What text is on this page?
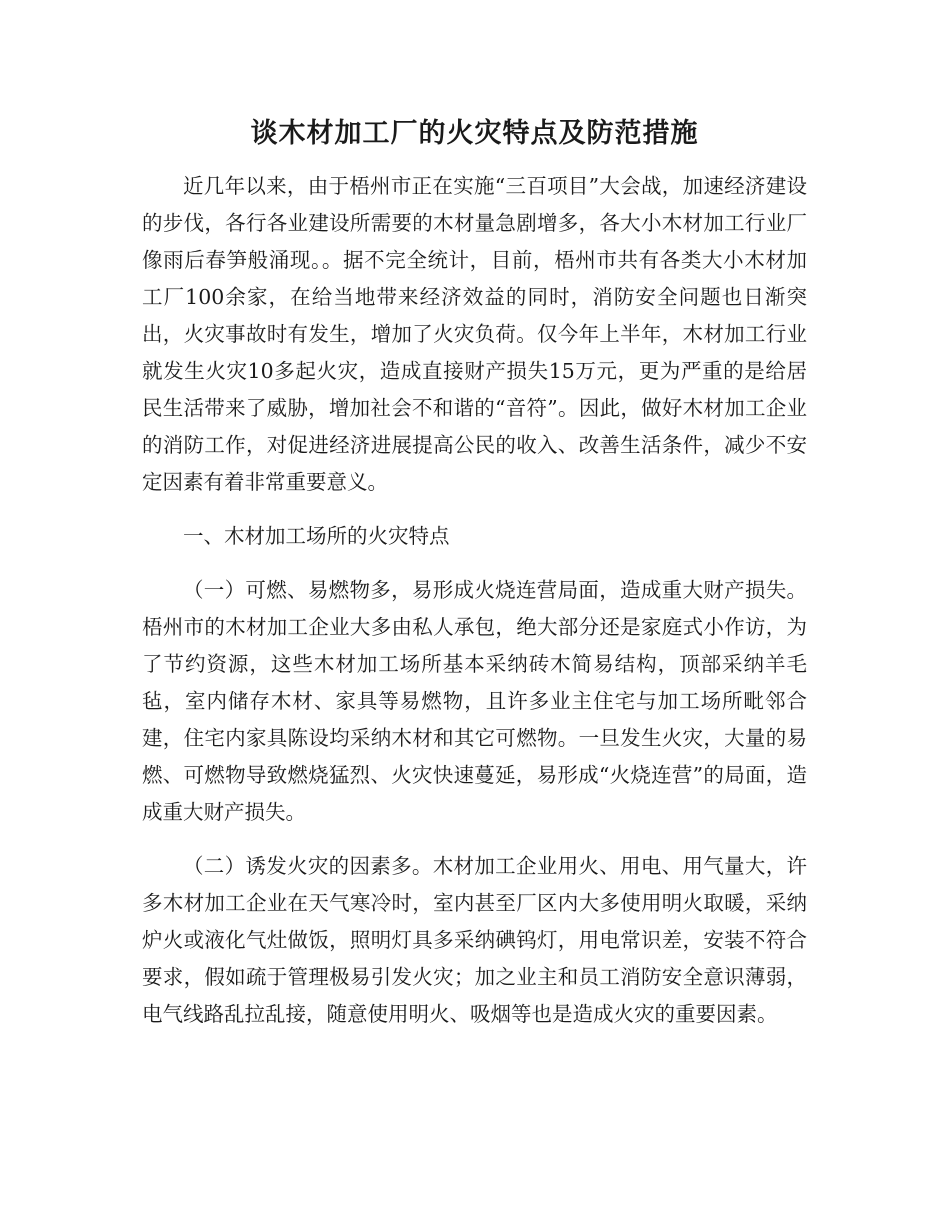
谈木材加工厂的火灾特点及防范措施

近几年以来，由于梧州市正在实施“三百项目”大会战，加速经济建设的步伐，各行各业建设所需要的木材量急剧增多，各大小木材加工行业厂像雨后春笋般涌现。。据不完全统计，目前，梧州市共有各类大小木材加工厂100余家，在给当地带来经济效益的同时，消防安全问题也日渐突出，火灾事故时有发生，增加了火灾负荷。仅今年上半年，木材加工行业就发生火灾10多起火灾，造成直接财产损失15万元，更为严重的是给居民生活带来了威胁，增加社会不和谐的“音符”。因此，做好木材加工企业的消防工作，对促进经济进展提高公民的收入、改善生活条件，减少不安定因素有着非常重要意义。

一、木材加工场所的火灾特点

（一）可燃、易燃物多，易形成火烧连营局面，造成重大财产损失。梧州市的木材加工企业大多由私人承包，绝大部分还是家庭式小作访，为了节约资源，这些木材加工场所基本采纳砖木简易结构，顶部采纳羊毛毡，室内储存木材、家具等易燃物，且许多业主住宅与加工场所毗邻合建，住宅内家具陈设均采纳木材和其它可燃物。一旦发生火灾，大量的易燃、可燃物导致燃烧猛烈、火灾快速蔓延，易形成“火烧连营”的局面，造成重大财产损失。

（二）诱发火灾的因素多。木材加工企业用火、用电、用气量大，许多木材加工企业在天气寒冷时，室内甚至厂区内大多使用明火取暖，采纳炉火或液化气灶做饭，照明灯具多采纳碘钨灯，用电常识差，安装不符合要求，假如疏于管理极易引发火灾；加之业主和员工消防安全意识薄弱，电气线路乱拉乱接，随意使用明火、吸烟等也是造成火灾的重要因素。
